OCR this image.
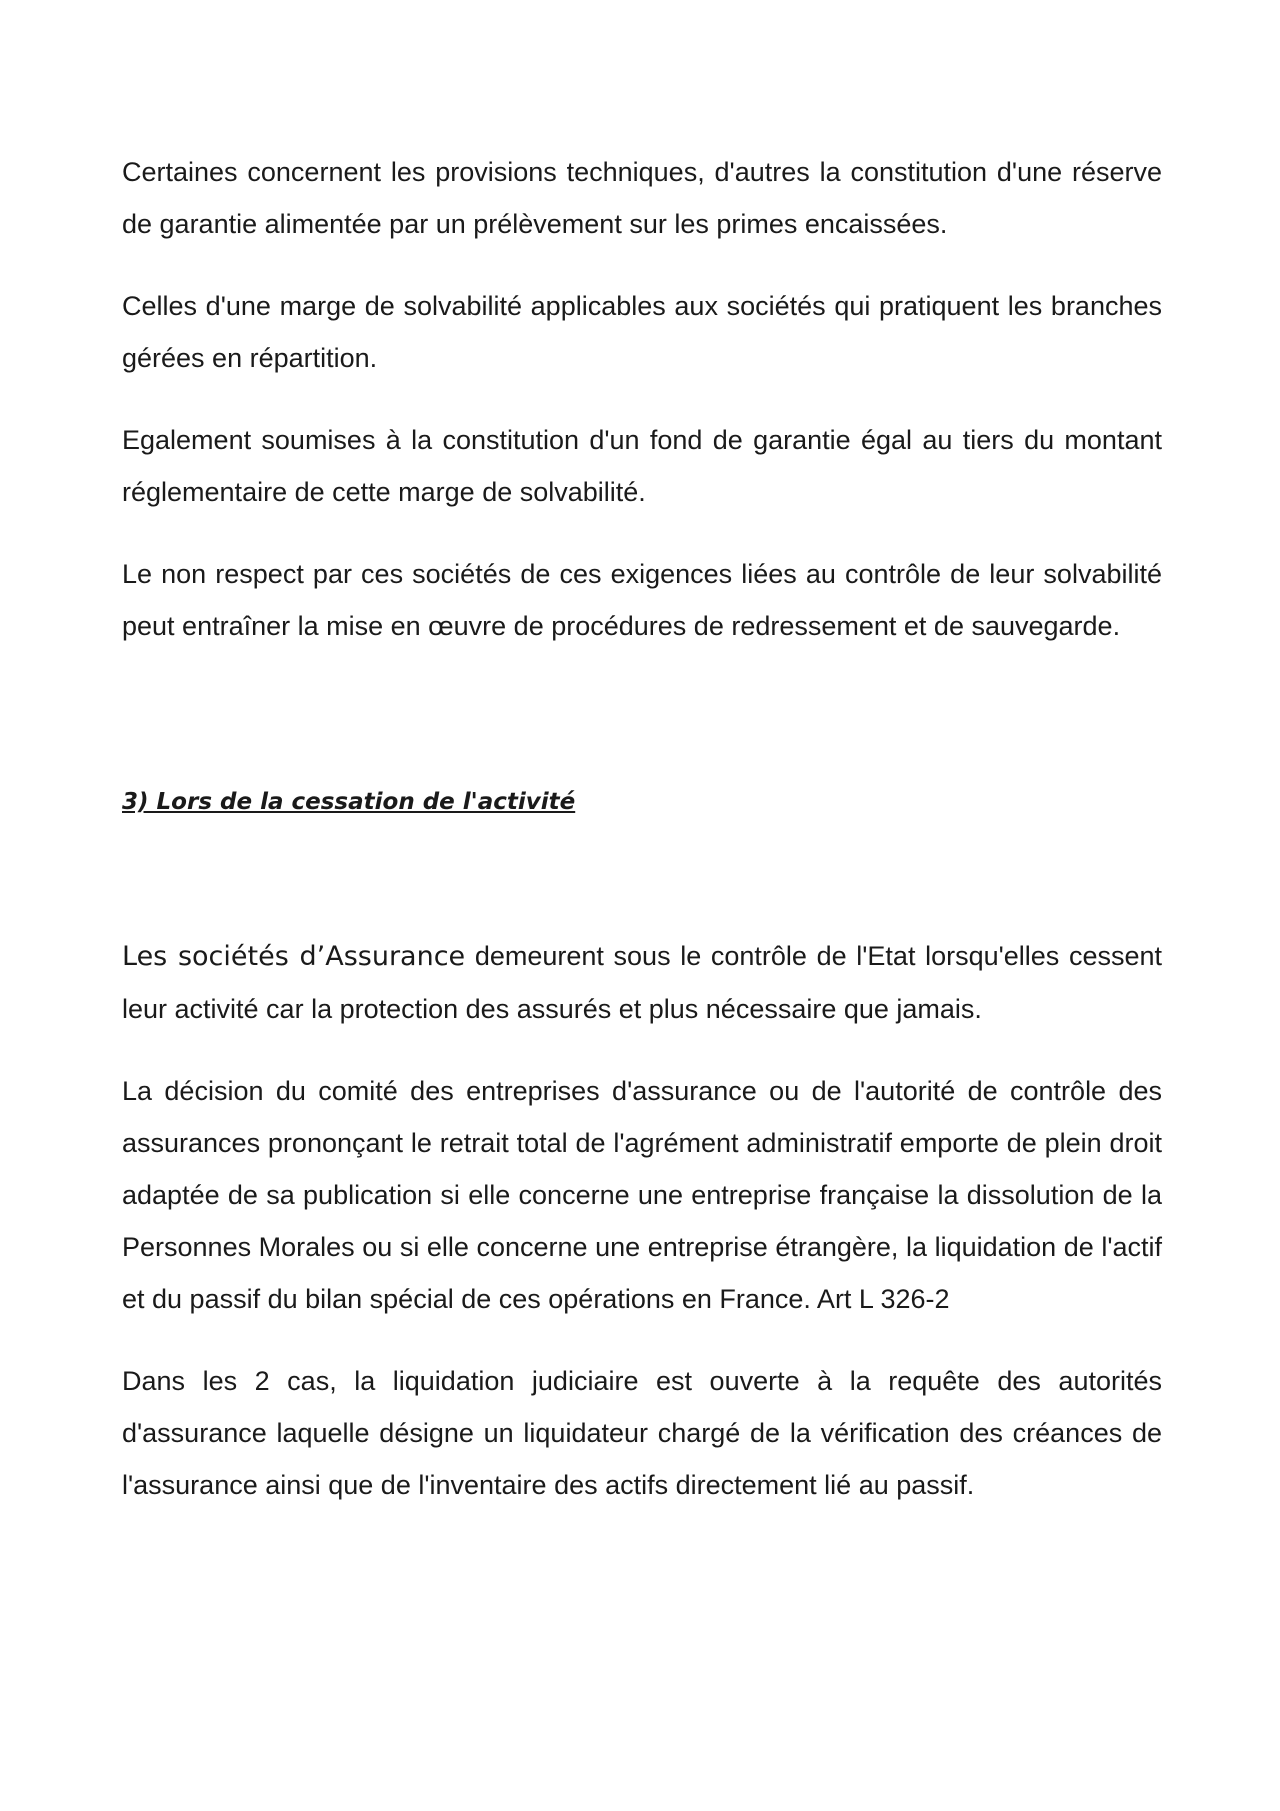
Certaines concernent les provisions techniques, d'autres la constitution d'une réserve de garantie alimentée par un prélèvement sur les primes encaissées.

Celles d'une marge de solvabilité applicables aux sociétés qui pratiquent les branches gérées en répartition.

Egalement soumises à la constitution d'un fond de garantie égal au tiers du montant réglementaire de cette marge de solvabilité.

Le non respect par ces sociétés de ces exigences liées au contrôle de leur solvabilité peut entraîner la mise en œuvre de procédures de redressement et de sauvegarde.

3) Lors de la cessation de l'activité

Les sociétés d’Assurance demeurent sous le contrôle de l'Etat lorsqu'elles cessent leur activité car la protection des assurés et plus nécessaire que jamais.

La décision du comité des entreprises d'assurance ou de l'autorité de contrôle des assurances prononçant le retrait total de l'agrément administratif emporte de plein droit adaptée de sa publication si elle concerne une entreprise française la dissolution de la Personnes Morales ou si elle concerne une entreprise étrangère, la liquidation de l'actif et du passif du bilan spécial de ces opérations en France. Art L 326-2

Dans les 2 cas, la liquidation judiciaire est ouverte à la requête des autorités d'assurance laquelle désigne un liquidateur chargé de la vérification des créances de l'assurance ainsi que de l'inventaire des actifs directement lié au passif.
